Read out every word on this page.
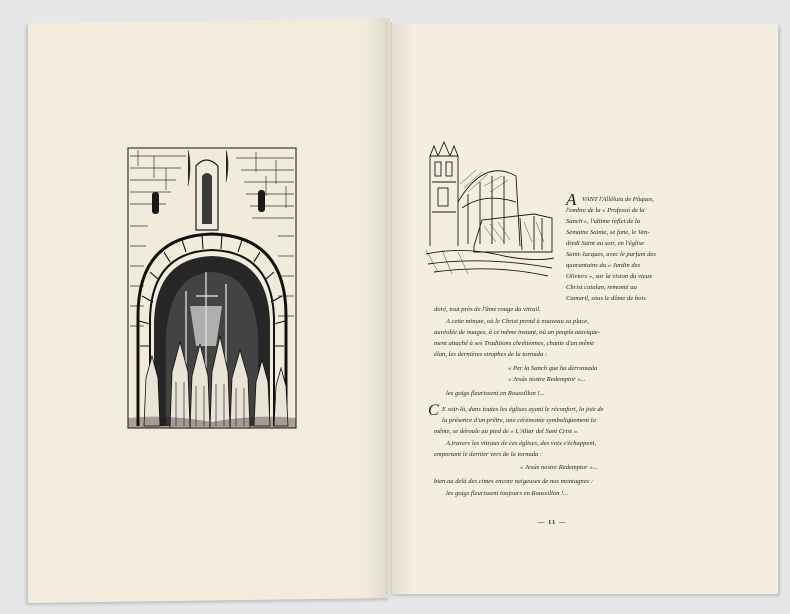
A VANT l'Alléluia de Pâques,
l'ombre de la « Professó de la
Sanch », l'ultime reflet de la
Semaine Sainte, se fane, le Ven-
dredi Saint au soir, en l'église
Saint-Jacques, avec le parfum des
quarantains du « Jardin des
Oliviers », sur la vision du vieux
Christ catalan, remonté au
Camaril, sous le dôme de bois
doré, tout près de l'âme rouge du vitrail.
A cette minute, où le Christ prend à nouveau sa place,
auréolée de nuages, à ce même instant, où un peuple atavique-
ment attaché à ses Traditions chrétiennes, chante d'un même
élan, les dernières strophes de la tornada :
« Per la Sanch que ha derramada
« Jesús nostre Redemptor »...
les goigs fleurissent en Roussillon !...
C E soir-là, dans toutes les églises ayant le réconfort, la joie de
la présence d'un prêtre, une cérémonie symboliquement la
même, se déroule au pied de « L'Altar del Sant Crist ».
A travers les vitraux de ces églises, des voix s'échappent,
emportant le dernier vers de la tornada :
« Jesús nostre Redemptor »...
bien au delà des cimes encore neigeuses de nos montagnes :
les goigs fleurissent toujours en Roussillon !...
— 11 —
